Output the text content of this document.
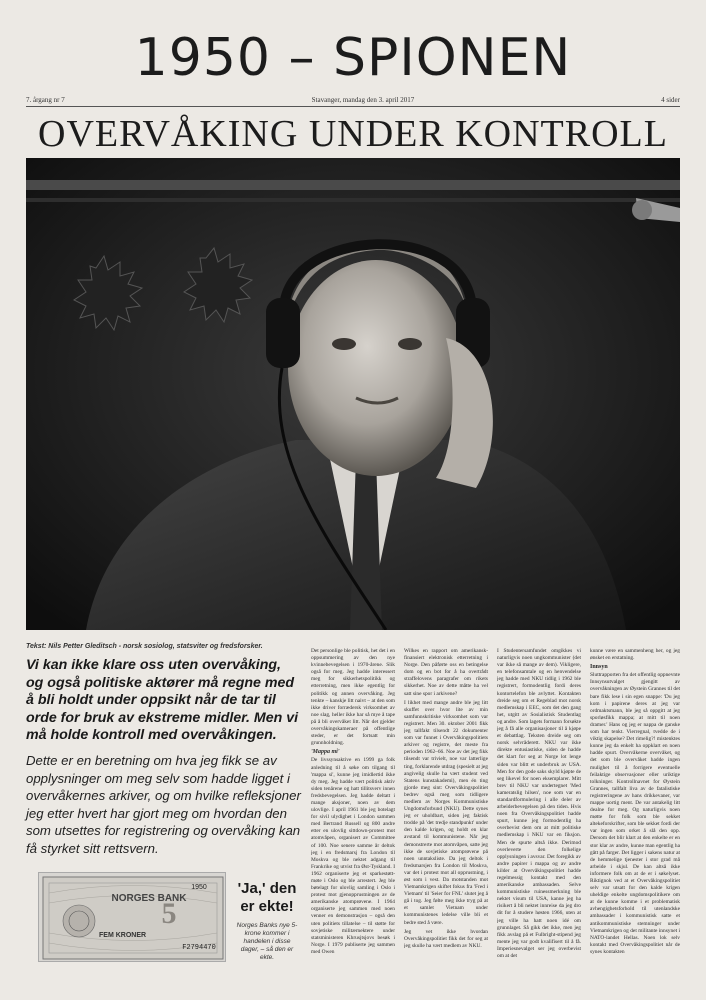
1950 – SPIONEN
7. årgang nr 7	Stavanger, mandag den 3. april 2017	4 sider
OVERVÅKING UNDER KONTROLL
Tekst: Nils Petter Gleditsch - norsk sosiolog, statsviter og fredsforsker.
Vi kan ikke klare oss uten overvåking, og også politiske aktører må regne med å bli holdt under oppsikt når de tar til orde for bruk av ekstreme midler. Men vi må holde kontroll med overvåkingen.
Dette er en beretning om hva jeg fikk se av opplysninger om meg selv som hadde ligget i overvåkernes arkiver, og om hvilke refleksjoner jeg etter hvert har gjort meg om hvordan den som utsettes for registrering og overvåking kan få styrket sitt rettsvern.
NORGES BANK
1950
FEM KRONER
F2794470
5
'Ja,' den er ekte!
Norges Banks nye 5-krone kommer i handelen i disse dager, – så den er ekte.

Det personlige ble politisk, het det i en oppsummering av den nye kvinnebevegelsen i 1970-årene. Slik også for meg. Jeg hadde interessert meg for sikkerhetspolitikk og etterretning, men ikke egentlig for politikk og annen overvåking. Jeg tenkte – kanskje litt naivt – at den som ikke driver forrædersk virksomhet av noe slag, heller ikke har så mye å tape på å bli overvåket litt. Når det gjelder overvåkingskameraer på offentlige steder, er det fortsatt min grunnholdning.

'Mappa mi'

De livssynsaktive en 1999 ga folk anledning til å søke om tilgang til 'mappa si', kunne jeg imidlertid ikke dy meg. Jeg hadde vært politisk aktiv siden tenårene og hatt tillitsverv innen fredsbevegelsen. Jeg hadde deltatt i mange aksjoner, noen av dem ulovlige. I april 1961 ble jeg botelagt for sivil ulydighet i London sammen med Bertrand Russell og 800 andre etter en ulovlig sittdown-protest mot atomvåpen, organisert av Committee of 100. Noe senere samme år deltok jeg i en fredsmarsj fra London til Moskva og ble nektet adgang til Frankrike og utvist fra Øst-Tyskland. I 1962 organiserte jeg et sparkestøtt-møte i Oslo og ble arrestert. Jeg ble bøtelagt for ulovlig samling i Oslo i protest mot gjenopprustningen av de amerikanske atomprøvene. I 1964 organiserte jeg sammen med noen venner en demonstrasjon – også den uten politiets tillatelse – til støtte for sovjetiske militærnektere under statsministeren Khrusjtsjovs besøk i Norge. I 1979 publiserte jeg sammen med Owen

Wilkes en rapport om amerikansk-finansiert elektronisk etterretning i Norge. Den påførte oss en betingelse dom og en bot for å ha overtrådt straffelovens paragrafer om rikets sikkerhet. Noe av dette måtte ha vel satt sine spor i arkivene?

I likhet med mange andre ble jeg litt skuffet over hvor lite av min samfunnskritiske virksomhet som var registrert. Men 30. oktober 2001 fikk jeg tallfakt tilsendt 22 dokumenter som var funnet i Overvåkingspolitiets arkiver og registre, det meste fra perioden 1962–66. Noe av det jeg fikk tilsendt var trivielt, noe var latterlige ting, forklarende utdrag (spesielt at jeg angivelig skulle ha vært student ved Statens kunstakademi), men én ting gjorde meg sint: Overvåkingspolitiet bedrev også meg som tidligere medlem av Norges Kommunistiske Ungdomsforbund (NKU). Dette synes jeg er uholdbart, siden jeg faktisk trodde på 'det tredje standpunkt' under den kalde krigen, og holdt en klar avstand til kommunistene. Når jeg demonstrerte mot atomvåpen, satte jeg ikke de sovjetiske atomprøvene på noen unntaksliste. Da jeg deltok i fredsmarsjen fra London til Moskva, var det i protest mot all opprustning, i øst som i vest. Da motstanden mot Vietnamkrigen skiftet fokus fra 'Fred i Vietnam' til 'Seier for FNL' slutet jeg å gå i tog. Jeg følte meg ikke tryg på at et samlet Vietnam under kommunistenes ledelse ville bli et bedre sted å være.

Jeg vet ikke hvordan Overvåkingspolitiet fikk det for seg at jeg skulle ha vært medlem av NKU.

I Studentersamfundet omgikkes vi naturligvis noen ungkommunister (det var ikke så mange av dem). Vikligere, en telefonsamtale og en henvendelse jeg hadde med NKU tidlig i 1962 ble registrert, formodentlig fordi deres kontortelefon ble avlyttet. Kontakten dreide seg om et Regeblad mot norsk medlemskap i EEC, som det den gang het, utgitt av Sosialistisk Studentlag og andre. Som lagets formann forsøkte jeg å få alle organisasjoner til å kjøpe et debattlag. Teksten dreide seg om norsk selvråderett. NKU var ikke direkte entusiastiske, siden de hadde det klart for seg at Norge lot lenge siden var blitt et underbruk av USA. Men for den gode saks skyld kjøpte de seg likevel for noen eksemplarer. Mitt brev til NKU var undertegnet 'Med kameratslig hilsen', noe som var en standardformulering i alle deler av arbeiderbevegelsen på den tiden. Hvis noen fra Overvåkingspolitiet hadde spurt, kunne jeg formodentlig ha overbevist dem om at mitt politiske medlemskap i NKU var en fiksjon. Men de spurte altså ikke. Derimod overleverte den folkelige opplysningen i avsvar. Det foregikk av andre papirer i mappa og av andre kilder at Overvåkingspolitiet hadde regelmessig kontakt med den amerikanske ambassaden. Selve kommunistiske ruinessmerkning ble nektet visum til USA, kanne jeg ha risikert å bli nektet innreise da jeg dro dit for å studere høsten 1966, uten at jeg ville ha hatt noen idé om grunnlaget. Så gikk det ikke, men jeg fikk avslag på et Fulbright-stipend jeg mente jeg var godt kvalifisert til å få. Imperiesnevalget ser jeg overbevist om at det

kunne være en sammenheng her, og jeg ønsket en erstatning.

Innsyn

Sluttrapporten fra det offentlig oppnevnte Innsynsutvalget gjengitt av overvåkningen av Øystein Grannes til det bare fikk lese i sin egen snappe: 'Du jeg kom i papirene deres at jeg var ordmaktsmann, ble jeg så oppgitt at jeg sporløsfikk mappa; at mitt til noen dramer.' Hans og jeg er nappa de ganske som har tenkt. Vierregnal, tvedde de i viktig skapelse? Det rimelig?! mistenktes kunne jeg da enkelt ha oppklart en noen hadde spurt. Overvåkerne overvåket, og det som ble overvåket hadde ingen mulighet til å forrigere eventuelle feilaktige observasjoner eller uriktige tolkninger. Kontrollnavnet for Øystein Grannes, tallfalt liva av de fatalistiske registreringene av hans drikkevaner, var mappe uortig ment. De var antakelig litt dealne for meg. Og naturligvis noen møtte for folk som ble sekket altekeforskrifter, som ble sekket fordi der var ingen som orket å slå den opp. Dersom det blir klart at den enkelte er en stor klar av andre, kunne man egentlig ha gått på farger. Det ligger i sakens natur at de hemmelige tjenester i stor grad må arbeide i skjul. De kan altså ikke informere folk om at de er i søkelyset. Riktignok ved at et Overvåkingspolitiet selv var utsatt for den kalde krigen uheldige enkelte ungdomspolitikere om at de kunne komme i et problematisk avhengighetsforhold til utenlandske ambassader i kommunistisk satte et antikommunistiske stemninger under Vietnamkrigen og det militante innsynet i NATO-landet Hellas. Noen lok selv kontakt med Overvåkingspolitiet når de synes kontakten
